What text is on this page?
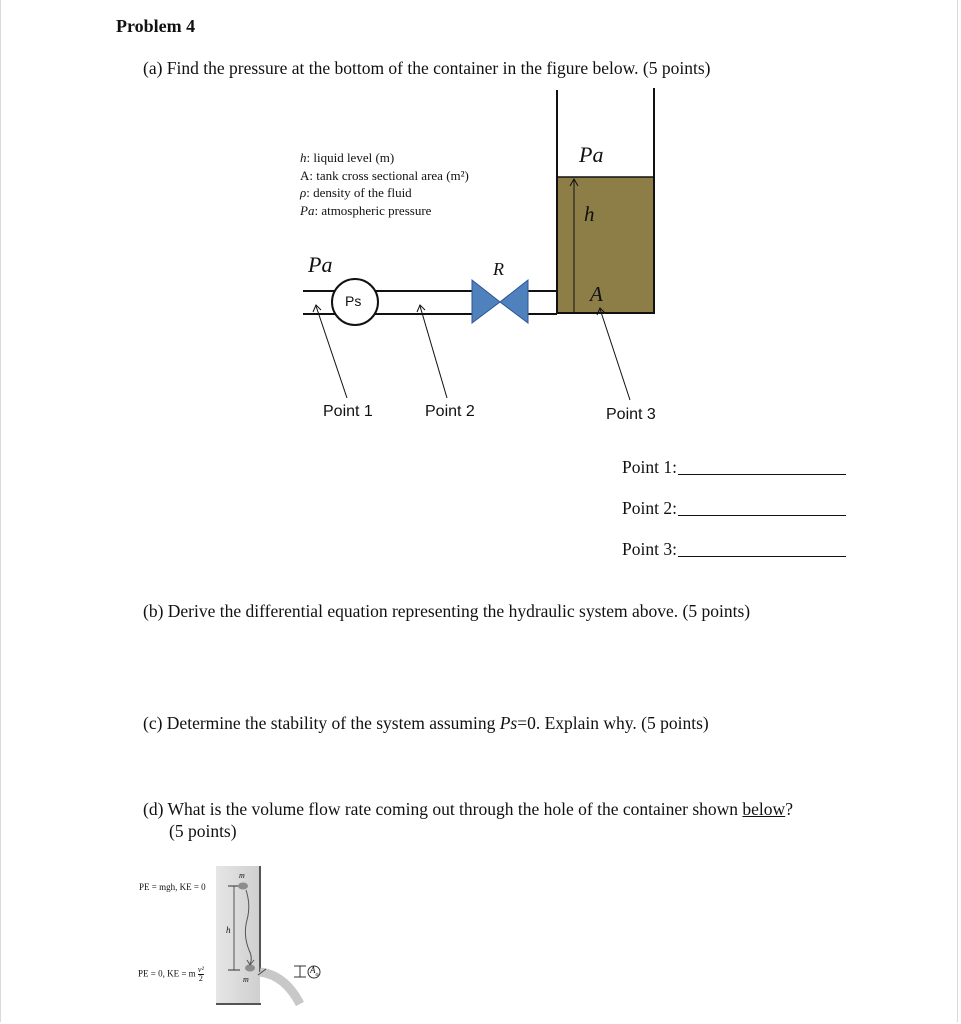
Problem 4
(a) Find the pressure at the bottom of the container in the figure below. (5 points)
h: liquid level (m)
A: tank cross sectional area (m²)
ρ: density of the fluid
Pa: atmospheric pressure
Pa
Pa
Ps
R
h
A
Point 1	Point 2	Point 3
Point 1:
Point 2:
Point 3:
(b) Derive the differential equation representing the hydraulic system above. (5 points)
(c) Determine the stability of the system assuming Ps=0. Explain why. (5 points)
(d) What is the volume flow rate coming out through the hole of the container shown below?
(5 points)
PE = mgh, KE = 0
PE = 0, KE = m $\frac{\text{v²}}{2}$
m
m
h
$A_o$
